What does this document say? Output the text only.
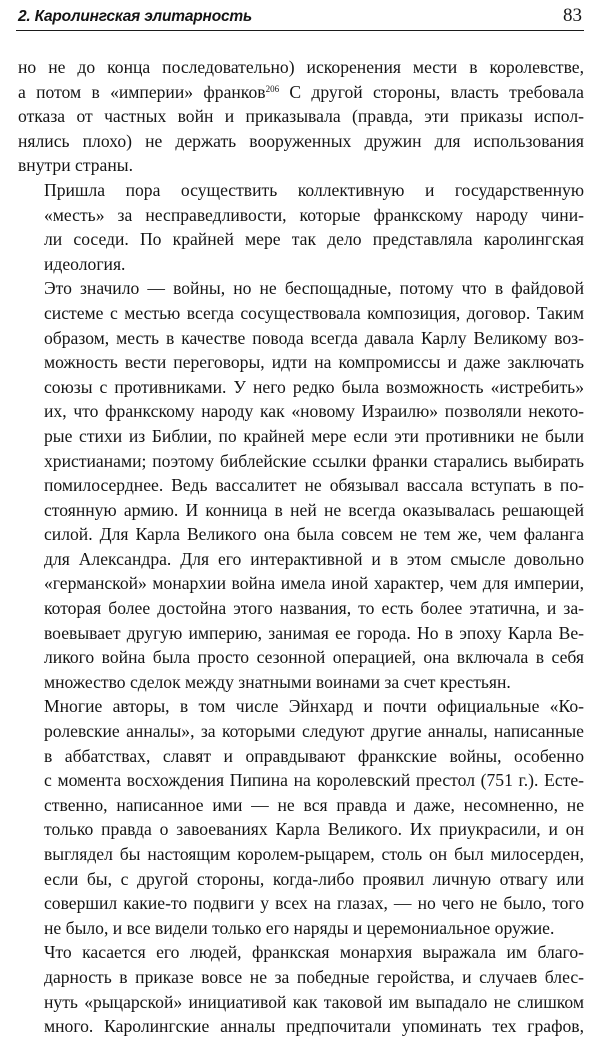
2. Каролингская элитарность	83

но не до конца последовательно) искоренения мести в королевстве,
а потом в «империи» франков$^{206}$ С другой стороны, власть требовала
отказа от частных войн и приказывала (правда, эти приказы испол-
нялись плохо) не держать вооруженных дружин для использования
внутри страны.

Пришла пора осуществить коллективную и государственную
«месть» за несправедливости, которые франкскому народу чини-
ли соседи. По крайней мере так дело представляла каролингская
идеология.

Это значило — войны, но не беспощадные, потому что в файдовой
системе с местью всегда сосуществовала композиция, договор. Таким
образом, месть в качестве повода всегда давала Карлу Великому воз-
можность вести переговоры, идти на компромиссы и даже заключать
союзы с противниками. У него редко была возможность «истребить»
их, что франкскому народу как «новому Израилю» позволяли некото-
рые стихи из Библии, по крайней мере если эти противники не были
христианами; поэтому библейские ссылки франки старались выбирать
помилосерднее. Ведь вассалитет не обязывал вассала вступать в по-
стоянную армию. И конница в ней не всегда оказывалась решающей
силой. Для Карла Великого она была совсем не тем же, чем фаланга
для Александра. Для его интерактивной и в этом смысле довольно
«германской» монархии война имела иной характер, чем для империи,
которая более достойна этого названия, то есть более этатична, и за-
воевывает другую империю, занимая ее города. Но в эпоху Карла Ве-
ликого война была просто сезонной операцией, она включала в себя
множество сделок между знатными воинами за счет крестьян.

Многие авторы, в том числе Эйнхард и почти официальные «Ко-
ролевские анналы», за которыми следуют другие анналы, написанные
в аббатствах, славят и оправдывают франкские войны, особенно
с момента восхождения Пипина на королевский престол (751 г.). Есте-
ственно, написанное ими — не вся правда и даже, несомненно, не
только правда о завоеваниях Карла Великого. Их приукрасили, и он
выглядел бы настоящим королем-рыцарем, столь он был милосерден,
если бы, с другой стороны, когда-либо проявил личную отвагу или
совершил какие-то подвиги у всех на глазах, — но чего не было, того
не было, и все видели только его наряды и церемониальное оружие.

Что касается его людей, франкская монархия выражала им благо-
дарность в приказе вовсе не за победные геройства, и случаев блес-
нуть «рыцарской» инициативой как таковой им выпадало не слишком
много. Каролингские анналы предпочитали упоминать тех графов,
